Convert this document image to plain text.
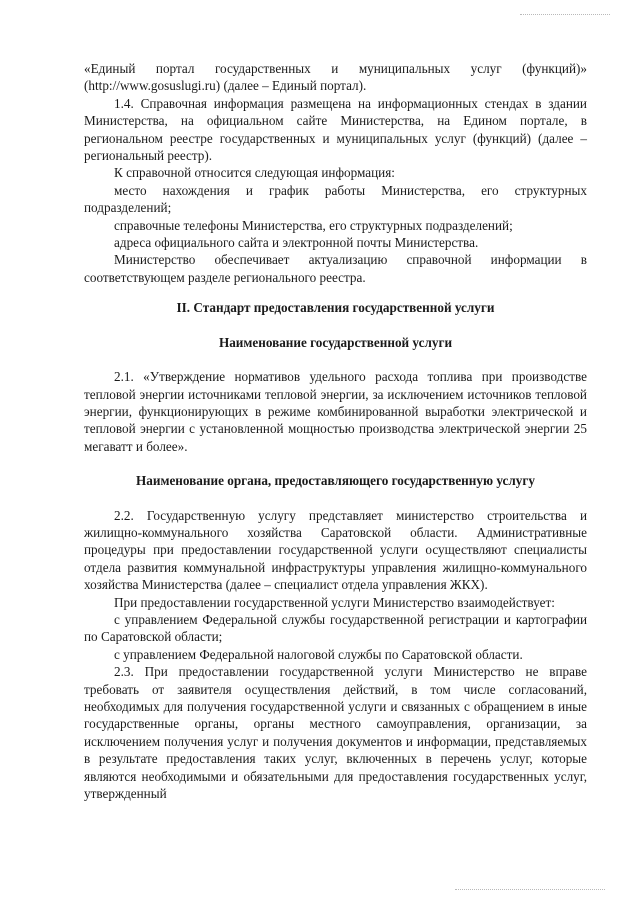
«Единый портал государственных и муниципальных услуг (функций)» (http://www.gosuslugi.ru) (далее – Единый портал).

1.4. Справочная информация размещена на информационных стендах в здании Министерства, на официальном сайте Министерства, на Едином портале, в региональном реестре государственных и муниципальных услуг (функций) (далее – региональный реестр).

К справочной относится следующая информация:

место нахождения и график работы Министерства, его структурных подразделений;

справочные телефоны Министерства, его структурных подразделений;

адреса официального сайта и электронной почты Министерства.

Министерство обеспечивает актуализацию справочной информации в соответствующем разделе регионального реестра.

II. Стандарт предоставления государственной услуги

Наименование государственной услуги

2.1. «Утверждение нормативов удельного расхода топлива при производстве тепловой энергии источниками тепловой энергии, за исключением источников тепловой энергии, функционирующих в режиме комбинированной выработки электрической и тепловой энергии с установленной мощностью производства электрической энергии 25 мегаватт и более».

Наименование органа, предоставляющего государственную услугу

2.2. Государственную услугу представляет министерство строительства и жилищно-коммунального хозяйства Саратовской области. Административные процедуры при предоставлении государственной услуги осуществляют специалисты отдела развития коммунальной инфраструктуры управления жилищно-коммунального хозяйства Министерства (далее – специалист отдела управления ЖКХ).

При предоставлении государственной услуги Министерство взаимодействует:

с управлением Федеральной службы государственной регистрации и картографии по Саратовской области;

с управлением Федеральной налоговой службы по Саратовской области.

2.3. При предоставлении государственной услуги Министерство не вправе требовать от заявителя осуществления действий, в том числе согласований, необходимых для получения государственной услуги и связанных с обращением в иные государственные органы, органы местного самоуправления, организации, за исключением получения услуг и получения документов и информации, представляемых в результате предоставления таких услуг, включенных в перечень услуг, которые являются необходимыми и обязательными для предоставления государственных услуг, утвержденный
